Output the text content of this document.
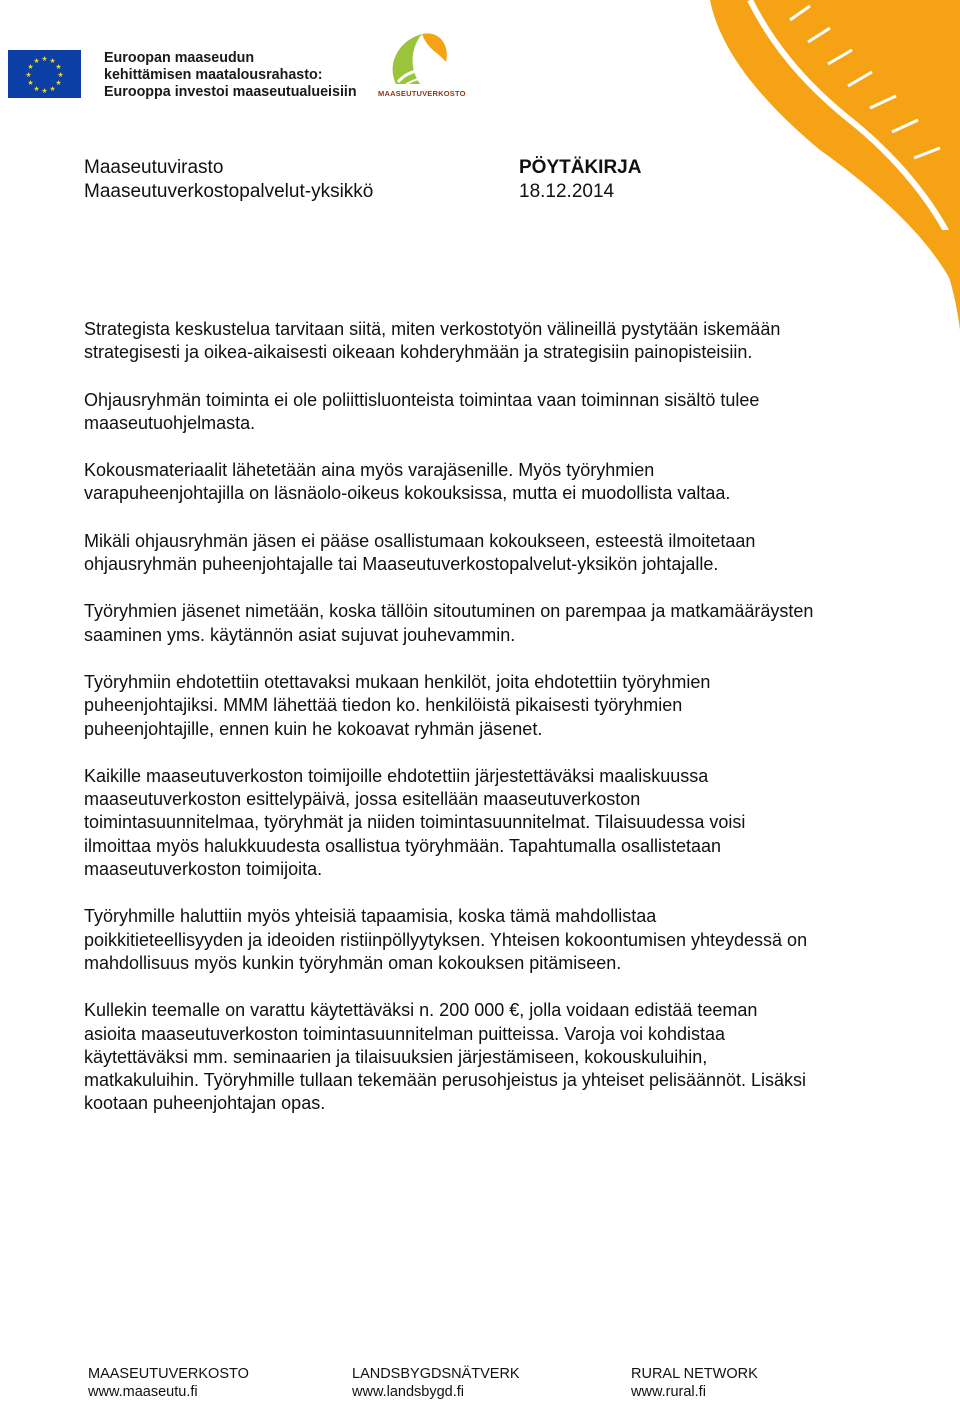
★ ★
★
★
★
★
★
★
★
★
★
★	Euroopan maaseudun
kehittämisen maatalousrahasto:
Eurooppa investoi maaseutualueisiin	MAASEUTUVERKOSTO
Maaseutuvirasto	PÖYTÄKIRJA
Maaseutuverkostopalvelut-yksikkö	18.12.2014

Strategista keskustelua tarvitaan siitä, miten verkostotyön välineillä pystytään iskemään strategisesti ja oikea-aikaisesti oikeaan kohderyhmään ja strategisiin painopisteisiin.

Ohjausryhmän toiminta ei ole poliittisluonteista toimintaa vaan toiminnan sisältö tulee maaseutuohjelmasta.

Kokousmateriaalit lähetetään aina myös varajäsenille. Myös työryhmien varapuheenjohtajilla on läsnäolo-oikeus kokouksissa, mutta ei muodollista valtaa.

Mikäli ohjausryhmän jäsen ei pääse osallistumaan kokoukseen, esteestä ilmoitetaan ohjausryhmän puheenjohtajalle tai Maaseutuverkostopalvelut-yksikön johtajalle.

Työryhmien jäsenet nimetään, koska tällöin sitoutuminen on parempaa ja matkamääräysten saaminen yms. käytännön asiat sujuvat jouhevammin.

Työryhmiin ehdotettiin otettavaksi mukaan henkilöt, joita ehdotettiin työryhmien puheenjohtajiksi. MMM lähettää tiedon ko. henkilöistä pikaisesti työryhmien puheenjohtajille, ennen kuin he kokoavat ryhmän jäsenet.

Kaikille maaseutuverkoston toimijoille ehdotettiin järjestettäväksi maaliskuussa maaseutuverkoston esittelypäivä, jossa esitellään maaseutuverkoston toimintasuunnitelmaa, työryhmät ja niiden toimintasuunnitelmat. Tilaisuudessa voisi ilmoittaa myös halukkuudesta osallistua työryhmään. Tapahtumalla osallistetaan maaseutuverkoston toimijoita.

Työryhmille haluttiin myös yhteisiä tapaamisia, koska tämä mahdollistaa poikkitieteellisyyden ja ideoiden ristiinpöllyytyksen. Yhteisen kokoontumisen yhteydessä on mahdollisuus myös kunkin työryhmän oman kokouksen pitämiseen.

Kullekin teemalle on varattu käytettäväksi n. 200 000 €, jolla voidaan edistää teeman asioita maaseutuverkoston toimintasuunnitelman puitteissa. Varoja voi kohdistaa käytettäväksi mm. seminaarien ja tilaisuuksien järjestämiseen, kokouskuluihin, matkakuluihin. Työryhmille tullaan tekemään perusohjeistus ja yhteiset pelisäännöt. Lisäksi kootaan puheenjohtajan opas.

MAASEUTUVERKOSTO
www.maaseutu.fi
LANDSBYGDSNÄTVERK
www.landsbygd.fi
RURAL NETWORK
www.rural.fi
